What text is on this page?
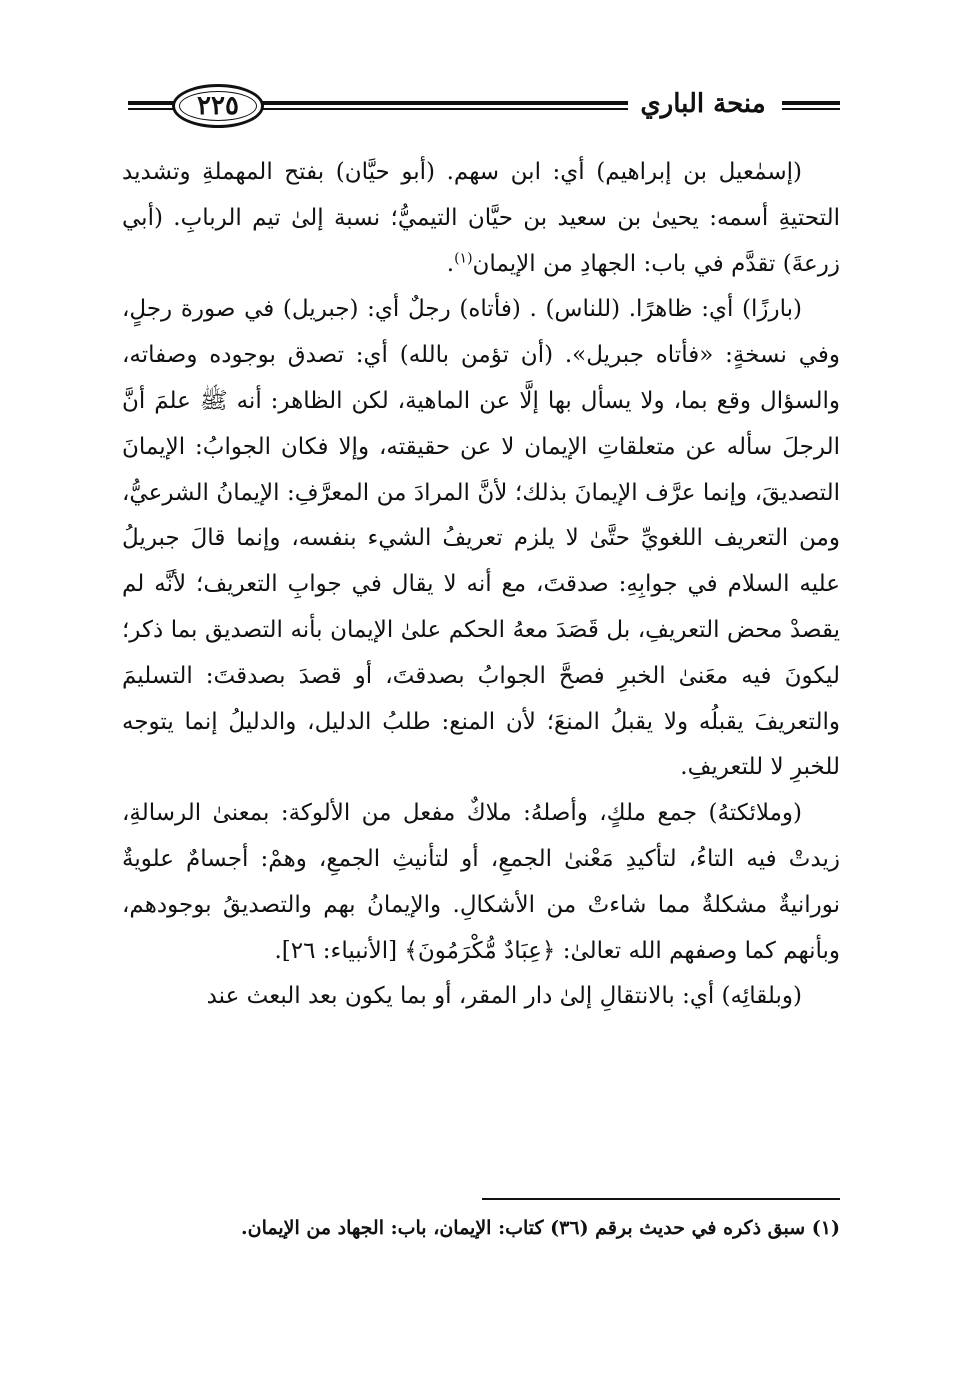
٢٢٥	منحة الباري

(إسمٰعيل بن إبراهيم) أي: ابن سهم. (أبو حيَّان) بفتح المهملةِ وتشديد التحتيةِ أسمه: يحيىٰ بن سعيد بن حيَّان التيميُّ؛ نسبة إلىٰ تيم الربابِ. (أبي زرعةَ) تقدَّم في باب: الجهادِ من الإيمان$^{(١)}$.

(بارزًا) أي: ظاهرًا. (للناس) . (فأتاه) رجلٌ أي: (جبريل) في صورة رجلٍ، وفي نسخةٍ: «فأتاه جبريل». (أن تؤمن بالله) أي: تصدق بوجوده وصفاته، والسؤال وقع بما، ولا يسأل بها إلَّا عن الماهية، لكن الظاهر: أنه ﷺ علمَ أنَّ الرجلَ سأله عن متعلقاتِ الإيمان لا عن حقيقته، وإلا فكان الجوابُ: الإيمانَ التصديقَ، وإنما عرَّف الإيمانَ بذلك؛ لأنَّ المرادَ من المعرَّفِ: الإيمانُ الشرعيُّ، ومن التعريف اللغويِّ حتَّىٰ لا يلزم تعريفُ الشيء بنفسه، وإنما قالَ جبريلُ عليه السلام في جوابِهِ: صدقتَ، مع أنه لا يقال في جوابِ التعريف؛ لأنَّه لم يقصدْ محض التعريفِ، بل قَصَدَ معهُ الحكم علىٰ الإيمان بأنه التصديق بما ذكر؛ ليكونَ فيه معَنىٰ الخبرِ فصحَّ الجوابُ بصدقتَ، أو قصدَ بصدقتَ: التسليمَ والتعريفَ يقبلُه ولا يقبلُ المنعَ؛ لأن المنع: طلبُ الدليل، والدليلُ إنما يتوجه للخبرِ لا للتعريفِ.

(وملائكتهُ) جمع ملكٍ، وأصلهُ: ملاكٌ مفعل من الألوكة: بمعنىٰ الرسالةِ، زيدتْ فيه التاءُ، لتأكيدِ مَعْنىٰ الجمعِ، أو لتأنيثِ الجمعِ، وهمْ: أجسامٌ علويةٌ نورانيةٌ مشكلةٌ مما شاءتْ من الأشكالِ. والإيمانُ بهم والتصديقُ بوجودهم، وبأنهم كما وصفهم الله تعالىٰ: ﴿عِبَادٌ مُّكْرَمُونَ﴾ [الأنبياء: ٢٦].

(وبلقائِه) أي: بالانتقالِ إلىٰ دار المقر، أو بما يكون بعد البعث عند

(١) سبق ذكره في حديث برقم (٣٦) كتاب: الإيمان، باب: الجهاد من الإيمان.
